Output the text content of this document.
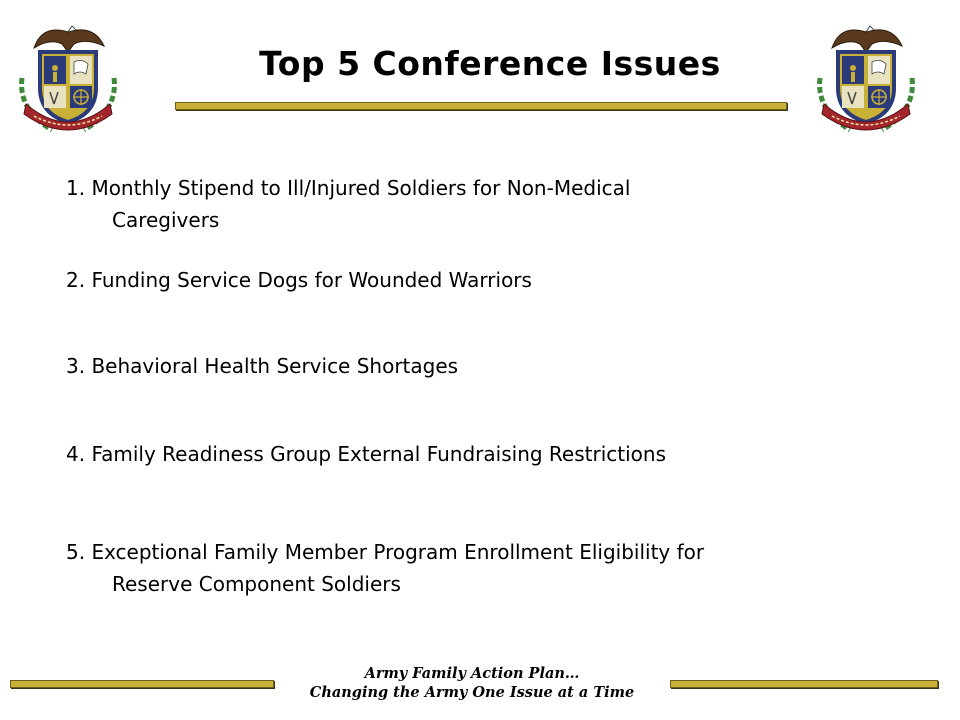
Top 5 Conference Issues
1. Monthly Stipend to Ill/Injured Soldiers for Non-Medical
Caregivers
2. Funding Service Dogs for Wounded Warriors
3. Behavioral Health Service Shortages
4. Family Readiness Group External Fundraising Restrictions
5. Exceptional Family Member Program Enrollment Eligibility for
Reserve Component Soldiers
Army Family Action Plan…
Changing the Army One Issue at a Time
